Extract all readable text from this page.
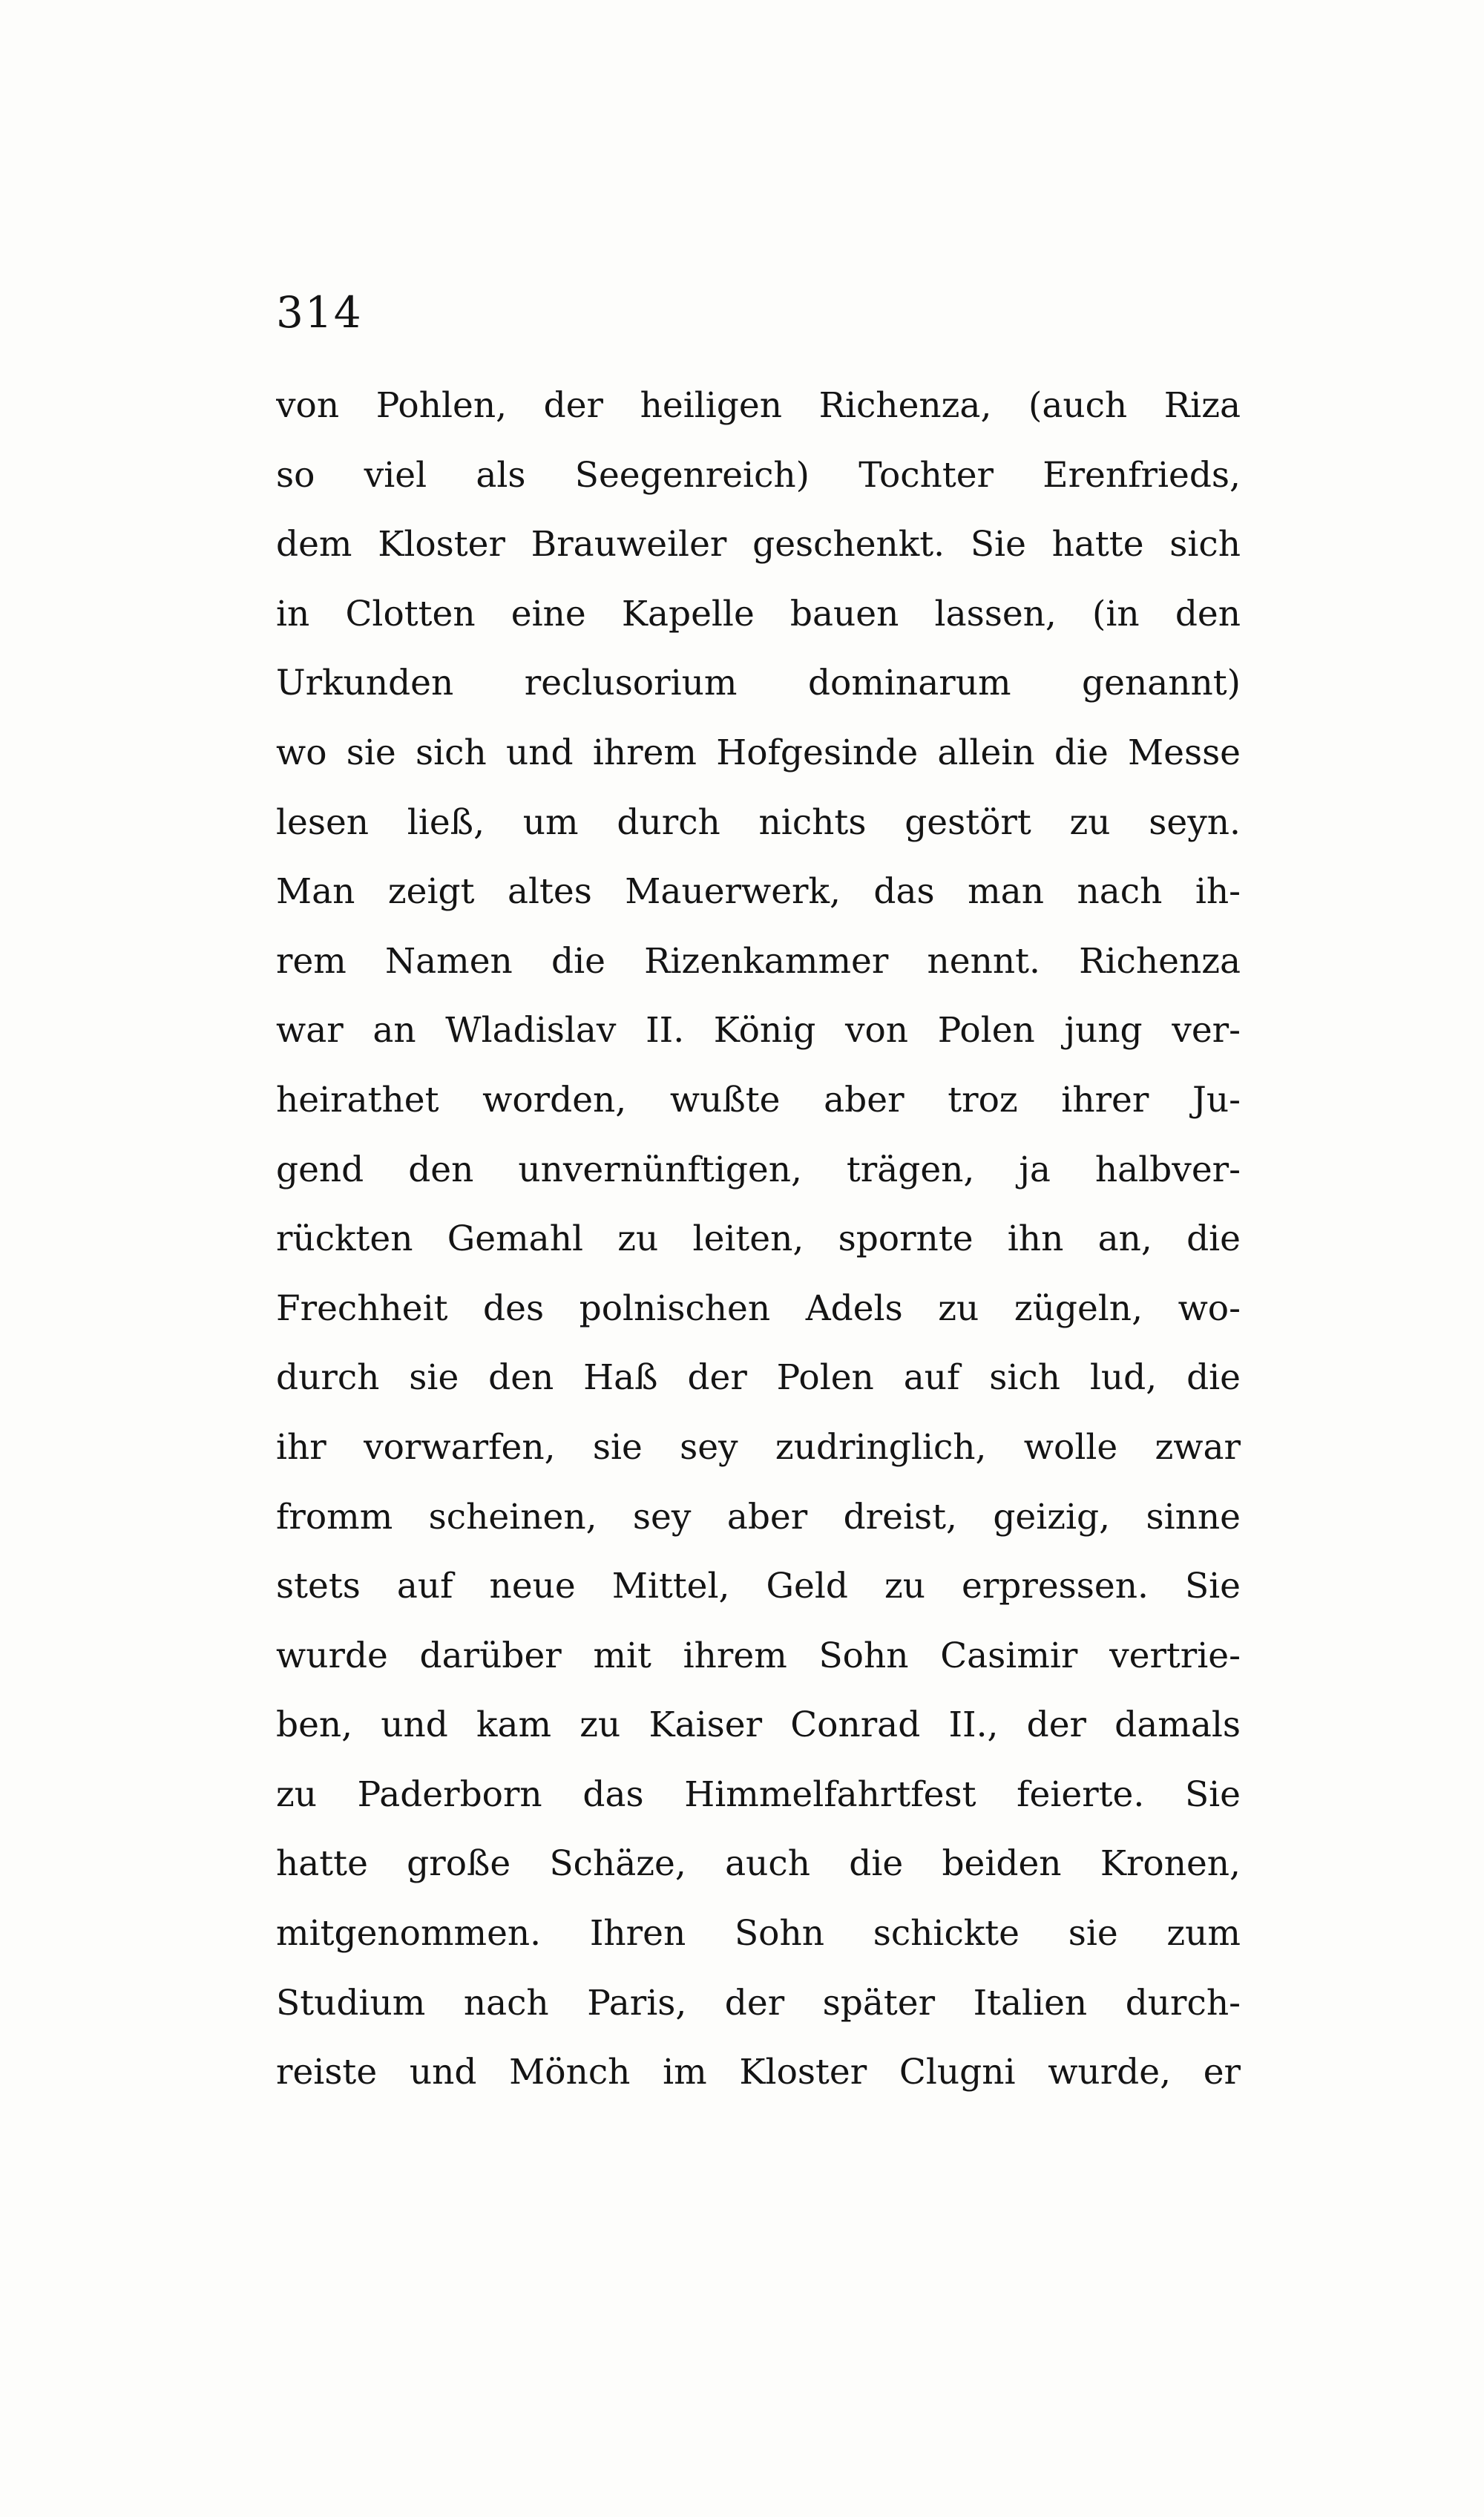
314
von Pohlen, der heiligen Richenza, (auch Riza
so viel als Seegenreich) Tochter Erenfrieds,
dem Kloster Brauweiler geschenkt. Sie hatte sich
in Clotten eine Kapelle bauen lassen, (in den
Urkunden reclusorium dominarum genannt)
wo sie sich und ihrem Hofgesinde allein die Messe
lesen ließ, um durch nichts gestört zu seyn.
Man zeigt altes Mauerwerk, das man nach ih-
rem Namen die Rizenkammer nennt. Richenza
war an Wladislav II. König von Polen jung ver-
heirathet worden, wußte aber troz ihrer Ju-
gend den unvernünftigen, trägen, ja halbver-
rückten Gemahl zu leiten, spornte ihn an, die
Frechheit des polnischen Adels zu zügeln, wo-
durch sie den Haß der Polen auf sich lud, die
ihr vorwarfen, sie sey zudringlich, wolle zwar
fromm scheinen, sey aber dreist, geizig, sinne
stets auf neue Mittel, Geld zu erpressen. Sie
wurde darüber mit ihrem Sohn Casimir vertrie-
ben, und kam zu Kaiser Conrad II., der damals
zu Paderborn das Himmelfahrtfest feierte. Sie
hatte große Schäze, auch die beiden Kronen,
mitgenommen. Ihren Sohn schickte sie zum
Studium nach Paris, der später Italien durch-
reiste und Mönch im Kloster Clugni wurde, er
